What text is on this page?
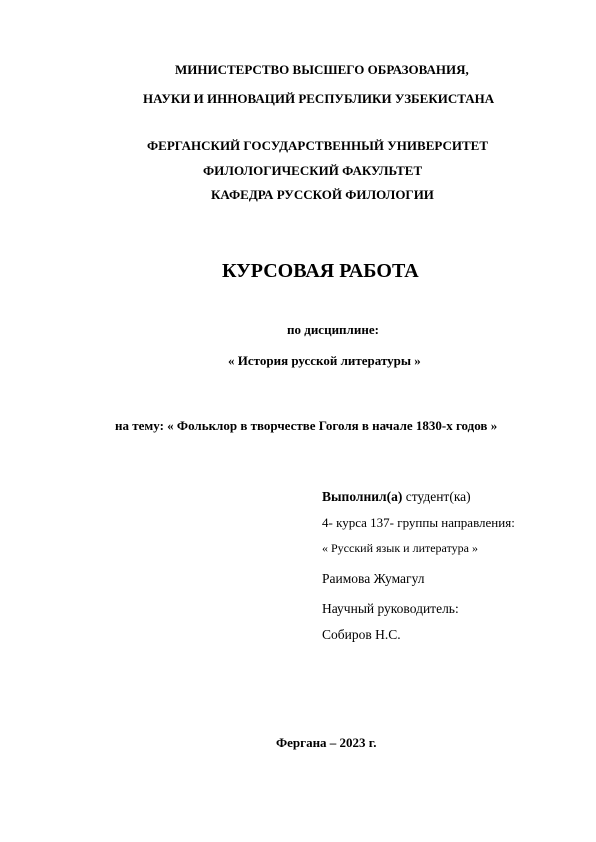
МИНИСТЕРСТВО ВЫСШЕГО ОБРАЗОВАНИЯ,
НАУКИ И ИННОВАЦИЙ РЕСПУБЛИКИ УЗБЕКИСТАНА
ФЕРГАНСКИЙ ГОСУДАРСТВЕННЫЙ УНИВЕРСИТЕТ
ФИЛОЛОГИЧЕСКИЙ ФАКУЛЬТЕТ
КАФЕДРА РУССКОЙ ФИЛОЛОГИИ
КУРСОВАЯ РАБОТА
по дисциплине:
« История русской литературы »
на тему: « Фольклор в творчестве Гоголя в начале 1830-х годов »
Выполнил(а) студент(ка)
4- курса 137- группы направления:
« Русский язык и литература »
Раимова Жумагул
Научный руководитель:
Собиров Н.С.
Фергана – 2023 г.
